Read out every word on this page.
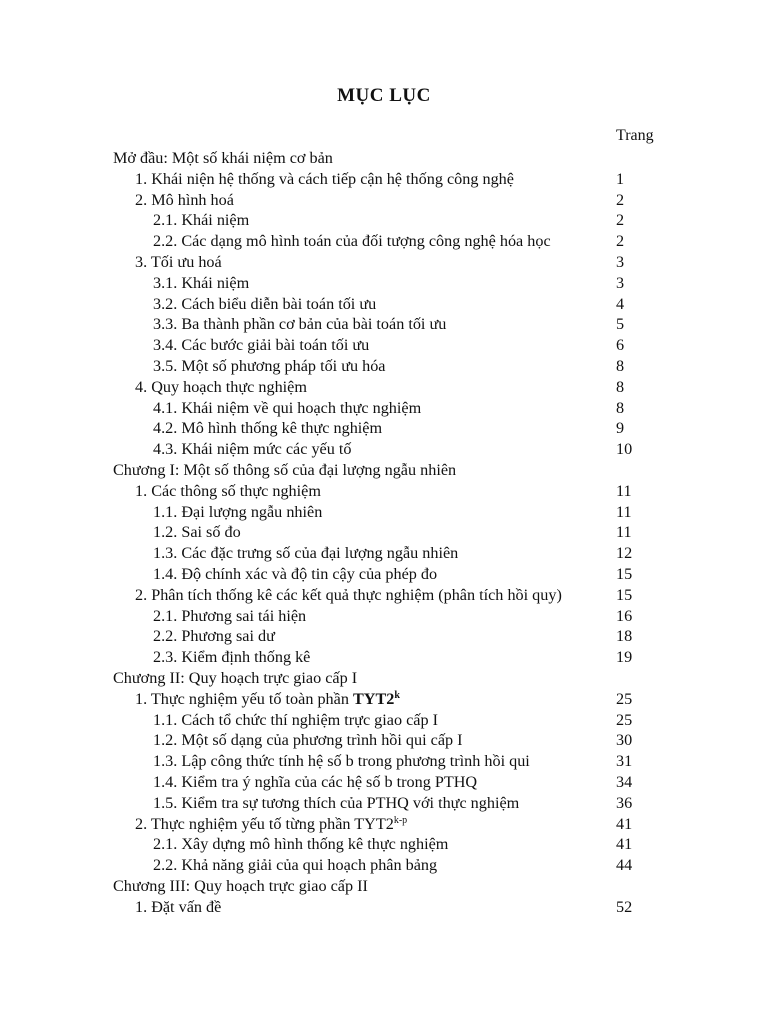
MỤC LỤC
Trang
Mở đầu: Một số khái niệm cơ bản
1. Khái niện hệ thống và cách tiếp cận hệ thống công nghệ	1
2. Mô hình hoá	2
2.1. Khái niệm	2
2.2. Các dạng mô hình toán của đối tượng công nghệ hóa học	2
3. Tối ưu hoá	3
3.1. Khái niệm	3
3.2. Cách biểu diễn bài toán tối ưu	4
3.3. Ba thành phần cơ bản của bài toán tối ưu	5
3.4. Các bước giải bài toán tối ưu	6
3.5. Một số phương pháp tối ưu hóa	8
4. Quy hoạch thực nghiệm	8
4.1. Khái niệm về qui hoạch thực nghiệm	8
4.2. Mô hình thống kê thực nghiệm	9
4.3. Khái niệm mức các yếu tố	10
Chương I: Một số thông số của đại lượng ngẫu nhiên
1. Các thông số thực nghiệm	11
1.1. Đại lượng ngẫu nhiên	11
1.2. Sai số đo	11
1.3. Các đặc trưng số của đại lượng ngẫu nhiên	12
1.4. Độ chính xác và độ tin cậy của phép đo	15
2. Phân tích thống kê các kết quả thực nghiệm (phân tích hồi quy)	15
2.1. Phương sai tái hiện	16
2.2. Phương sai dư	18
2.3. Kiểm định thống kê	19
Chương II: Quy hoạch trực giao cấp I
1. Thực nghiệm yếu tố toàn phần TYT2$^k$	25
1.1. Cách tổ chức thí nghiệm trực giao cấp I	25
1.2. Một số dạng của phương trình hồi qui cấp I	30
1.3. Lập công thức tính hệ số b trong phương trình hồi qui	31
1.4. Kiểm tra ý nghĩa của các hệ số b trong PTHQ	34
1.5. Kiểm tra sự tương thích của PTHQ với thực nghiệm	36
2. Thực nghiệm yếu tố từng phần TYT2$^{k-p}$	41
2.1. Xây dựng mô hình thống kê thực nghiệm	41
2.2. Khả năng giải của qui hoạch phân bảng	44
Chương III: Quy hoạch trực giao cấp II
1. Đặt vấn đề	52
